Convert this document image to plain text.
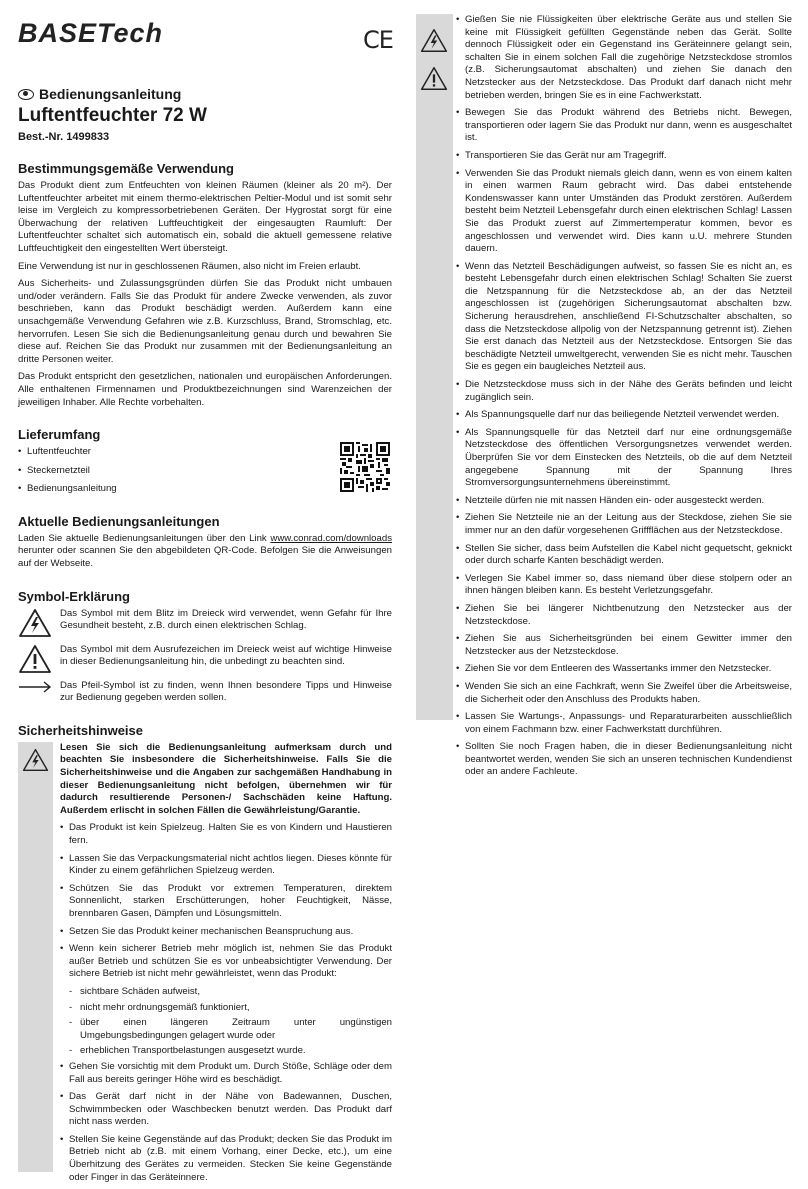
BASETech	CE
Bedienungsanleitung
Luftentfeuchter 72 W
Best.-Nr. 1499833
Bestimmungsgemäße Verwendung

Das Produkt dient zum Entfeuchten von kleinen Räumen (kleiner als 20 m²). Der Luftentfeuchter arbeitet mit einem thermo-elektrischen Peltier-Modul und ist somit sehr leise im Vergleich zu kompressorbetriebenen Geräten. Der Hygrostat sorgt für eine Überwachung der relativen Luftfeuchtigkeit der eingesaugten Raumluft: Der Luftentfeuchter schaltet sich automatisch ein, sobald die aktuell gemessene relative Luftfeuchtigkeit den eingestellten Wert übersteigt.

Eine Verwendung ist nur in geschlossenen Räumen, also nicht im Freien erlaubt.

Aus Sicherheits- und Zulassungsgründen dürfen Sie das Produkt nicht umbauen und/oder verändern. Falls Sie das Produkt für andere Zwecke verwenden, als zuvor beschrieben, kann das Produkt beschädigt werden. Außerdem kann eine unsachgemäße Verwendung Gefahren wie z.B. Kurzschluss, Brand, Stromschlag, etc. hervorrufen. Lesen Sie sich die Bedienungsanleitung genau durch und bewahren Sie diese auf. Reichen Sie das Produkt nur zusammen mit der Bedienungsanleitung an dritte Personen weiter.

Das Produkt entspricht den gesetzlichen, nationalen und europäischen Anforderungen. Alle enthaltenen Firmennamen und Produktbezeichnungen sind Warenzeichen der jeweiligen Inhaber. Alle Rechte vorbehalten.

Lieferumfang
• Luftentfeuchter
• Steckernetzteil
• Bedienungsanleitung
Aktuelle Bedienungsanleitungen

Laden Sie aktuelle Bedienungsanleitungen über den Link www.conrad.com/downloads herunter oder scannen Sie den abgebildeten QR-Code. Befolgen Sie die Anweisungen auf der Webseite.

Symbol-Erklärung

Das Symbol mit dem Blitz im Dreieck wird verwendet, wenn Gefahr für Ihre Gesundheit besteht, z.B. durch einen elektrischen Schlag.

Das Symbol mit dem Ausrufezeichen im Dreieck weist auf wichtige Hinweise in dieser Bedienungsanleitung hin, die unbedingt zu beachten sind.

Das Pfeil-Symbol ist zu finden, wenn Ihnen besondere Tipps und Hinweise zur Bedienung gegeben werden sollen.

Sicherheitshinweise

Lesen Sie sich die Bedienungsanleitung aufmerksam durch und beachten Sie insbesondere die Sicherheitshinweise. Falls Sie die Sicherheitshinweise und die Angaben zur sachgemäßen Handhabung in dieser Bedienungsanleitung nicht befolgen, übernehmen wir für dadurch resultierende Personen-/ Sachschäden keine Haftung. Außerdem erlischt in solchen Fällen die Gewährleistung/Garantie.

• Das Produkt ist kein Spielzeug. Halten Sie es von Kindern und Haustieren fern.
• Lassen Sie das Verpackungsmaterial nicht achtlos liegen. Dieses könnte für Kinder zu einem gefährlichen Spielzeug werden.
• Schützen Sie das Produkt vor extremen Temperaturen, direktem Sonnenlicht, starken Erschütterungen, hoher Feuchtigkeit, Nässe, brennbaren Gasen, Dämpfen und Lösungsmitteln.
• Setzen Sie das Produkt keiner mechanischen Beanspruchung aus.
• Wenn kein sicherer Betrieb mehr möglich ist, nehmen Sie das Produkt außer Betrieb und schützen Sie es vor unbeabsichtigter Verwendung. Der sichere Betrieb ist nicht mehr gewährleistet, wenn das Produkt:
- sichtbare Schäden aufweist,
- nicht mehr ordnungsgemäß funktioniert,
- über einen längeren Zeitraum unter ungünstigen Umgebungsbedingungen gelagert wurde oder
- erheblichen Transportbelastungen ausgesetzt wurde.
• Gehen Sie vorsichtig mit dem Produkt um. Durch Stöße, Schläge oder dem Fall aus bereits geringer Höhe wird es beschädigt.
• Das Gerät darf nicht in der Nähe von Badewannen, Duschen, Schwimmbecken oder Waschbecken benutzt werden. Das Produkt darf nicht nass werden.
• Stellen Sie keine Gegenstände auf das Produkt; decken Sie das Produkt im Betrieb nicht ab (z.B. mit einem Vorhang, einer Decke, etc.), um eine Überhitzung des Gerätes zu vermeiden. Stecken Sie keine Gegenstände oder Finger in das Geräteinnere.
• Gießen Sie nie Flüssigkeiten über elektrische Geräte aus und stellen Sie keine mit Flüssigkeit gefüllten Gegenstände neben das Gerät. Sollte dennoch Flüssigkeit oder ein Gegenstand ins Geräteinnere gelangt sein, schalten Sie in einem solchen Fall die zugehörige Netzsteckdose stromlos (z.B. Sicherungsautomat abschalten) und ziehen Sie danach den Netzstecker aus der Netzsteckdose. Das Produkt darf danach nicht mehr betrieben werden, bringen Sie es in eine Fachwerkstatt.
• Bewegen Sie das Produkt während des Betriebs nicht. Bewegen, transportieren oder lagern Sie das Produkt nur dann, wenn es ausgeschaltet ist.
• Transportieren Sie das Gerät nur am Tragegriff.
• Verwenden Sie das Produkt niemals gleich dann, wenn es von einem kalten in einen warmen Raum gebracht wird. Das dabei entstehende Kondenswasser kann unter Umständen das Produkt zerstören. Außerdem besteht beim Netzteil Lebensgefahr durch einen elektrischen Schlag! Lassen Sie das Produkt zuerst auf Zimmertemperatur kommen, bevor es angeschlossen und verwendet wird. Dies kann u.U. mehrere Stunden dauern.
• Wenn das Netzteil Beschädigungen aufweist, so fassen Sie es nicht an, es besteht Lebensgefahr durch einen elektrischen Schlag! Schalten Sie zuerst die Netzspannung für die Netzsteckdose ab, an der das Netzteil angeschlossen ist (zugehörigen Sicherungsautomat abschalten bzw. Sicherung herausdrehen, anschließend FI-Schutzschalter abschalten, so dass die Netzsteckdose allpolig von der Netzspannung getrennt ist). Ziehen Sie erst danach das Netzteil aus der Netzsteckdose. Entsorgen Sie das beschädigte Netzteil umweltgerecht, verwenden Sie es nicht mehr. Tauschen Sie es gegen ein baugleiches Netzteil aus.
• Die Netzsteckdose muss sich in der Nähe des Geräts befinden und leicht zugänglich sein.
• Als Spannungsquelle darf nur das beiliegende Netzteil verwendet werden.
• Als Spannungsquelle für das Netzteil darf nur eine ordnungsgemäße Netzsteckdose des öffentlichen Versorgungsnetzes verwendet werden. Überprüfen Sie vor dem Einstecken des Netzteils, ob die auf dem Netzteil angegebene Spannung mit der Spannung Ihres Stromversorgungsunternehmens übereinstimmt.
• Netzteile dürfen nie mit nassen Händen ein- oder ausgesteckt werden.
• Ziehen Sie Netzteile nie an der Leitung aus der Steckdose, ziehen Sie sie immer nur an den dafür vorgesehenen Griffflächen aus der Netzsteckdose.
• Stellen Sie sicher, dass beim Aufstellen die Kabel nicht gequetscht, geknickt oder durch scharfe Kanten beschädigt werden.
• Verlegen Sie Kabel immer so, dass niemand über diese stolpern oder an ihnen hängen bleiben kann. Es besteht Verletzungsgefahr.
• Ziehen Sie bei längerer Nichtbenutzung den Netzstecker aus der Netzsteckdose.
• Ziehen Sie aus Sicherheitsgründen bei einem Gewitter immer den Netzstecker aus der Netzsteckdose.
• Ziehen Sie vor dem Entleeren des Wassertanks immer den Netzstecker.
• Wenden Sie sich an eine Fachkraft, wenn Sie Zweifel über die Arbeitsweise, die Sicherheit oder den Anschluss des Produkts haben.
• Lassen Sie Wartungs-, Anpassungs- und Reparaturarbeiten ausschließlich von einem Fachmann bzw. einer Fachwerkstatt durchführen.
• Sollten Sie noch Fragen haben, die in dieser Bedienungsanleitung nicht beantwortet werden, wenden Sie sich an unseren technischen Kundendienst oder an andere Fachleute.
